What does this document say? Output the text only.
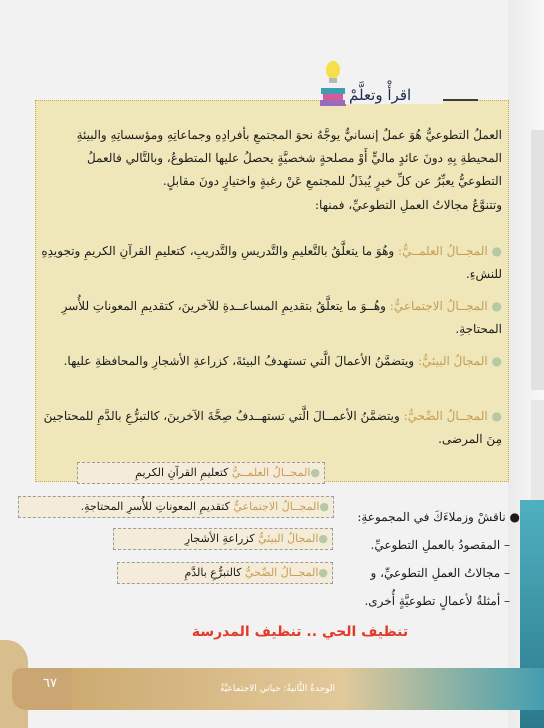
اقرأْ وتعلَّمْ
العملُ التطوعيُّ هُوَ عملٌ إنسانيٌّ يوجَّهُ نحوَ المجتمعِ بأفرادِهِ وجماعاتِهِ ومؤسساتِهِ والبيئةِ المحيطةِ بِهِ دونَ عائدٍ ماليٍّ أَوْ مصلحةٍ شخصيَّةٍ يحصلُ عليها المتطوعُ، وبالتَّالي فالعملُ التطوعيُّ يعبِّرُ عن كلِّ خيرٍ يُبذَلُ للمجتمعِ عَنْ رغبةٍ واختيارٍ دونَ مقابلٍ.
وتتنوَّعُ مجالاتُ العملِ التطوعيِّ، فمنها:
● المجــالُ العلمــيُّ: وهُوَ ما يتعلَّقُ بالتَّعليمِ والتَّدريسِ والتَّدريبِ، كتعليمِ القرآنِ الكريمِ وتجويدِهِ للنشءِ.
● المجــالُ الاجتماعيُّ: وهُــوَ ما يتعلَّقُ بتقديمِ المساعــدةِ للآخرينَ، كتقديمِ المعوناتِ للأُسرِ المحتاجةِ.
● المجالُ البيئيُّ: ويتضمَّنُ الأعمالَ الَّتي تستهدفُ البيئةَ، كزراعةِ الأشجارِ والمحافظةِ عليها.
● المجــالُ الصِّحيُّ: ويتضمَّنُ الأعمــالَ الَّتي تستهــدفُ صِحَّةَ الآخرينَ، كالتبرُّعِ بالدَّمِ للمحتاجينَ مِنَ المرضى.
●المجــالُ العلمــيُّ كتعليمِ القرآنِ الكريمِ
●المجــالُ الاجتماعيُّ كتقديمِ المعوناتِ للأُسرِ المحتاجةِ.
●المجالُ البيئيُّ كزراعةِ الأشجارِ
●المجــالُ الصِّحيُّ كالتبرُّعِ بالدَّمِ
● ناقشْ وزملاءَكَ في المجموعةِ:
– المقصودُ بالعملِ التطوعيِّ.
– مجالاتُ العملِ التطوعيِّ، و
– أمثلةٌ لأعمالٍ تطوعيَّةٍ أُخرى.
تنظيف الحي .. تنظيف المدرسة
٦٧	الوحدةُ الثَّانيةُ: حياتي الاجتماعيَّةُ
